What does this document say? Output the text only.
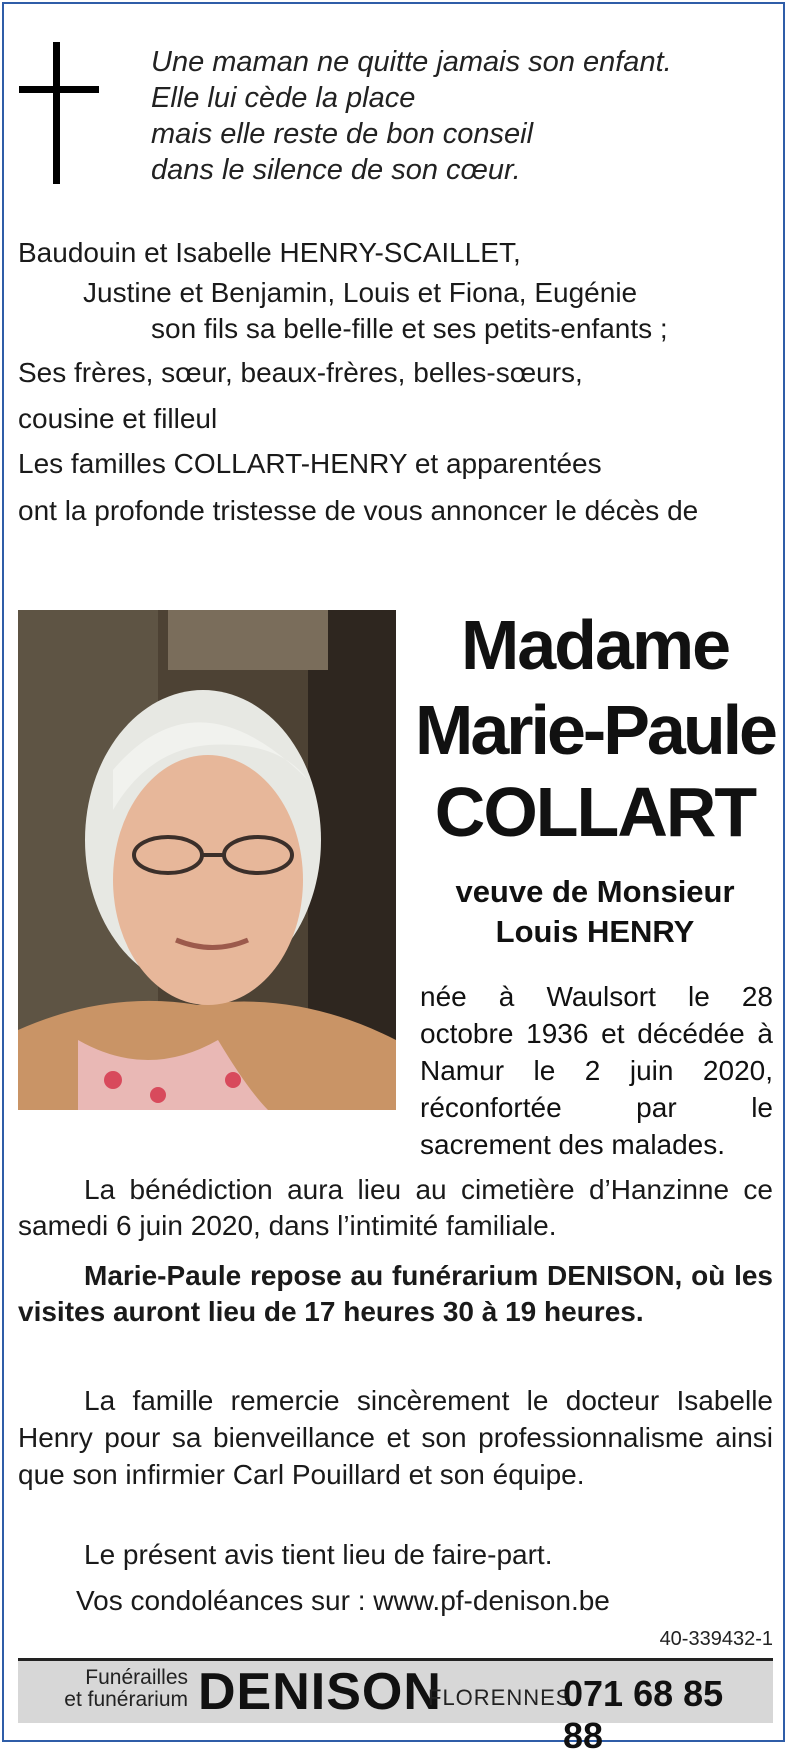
Une maman ne quitte jamais son enfant.
Elle lui cède la place
mais elle reste de bon conseil
dans le silence de son cœur.
Baudouin et Isabelle HENRY-SCAILLET,
Justine et Benjamin, Louis et Fiona, Eugénie
son fils sa belle-fille et ses petits-enfants ;
Ses frères, sœur, beaux-frères, belles-sœurs,
cousine et filleul
Les familles COLLART-HENRY et apparentées
ont la profonde tristesse de vous annoncer le décès de
Madame
Marie-Paule
COLLART
veuve de Monsieur
Louis HENRY
née à Waulsort le 28 octobre 1936 et décédée à Namur le 2 juin 2020, réconfortée par le sacrement des malades.
La bénédiction aura lieu au cimetière d’Hanzinne ce samedi 6 juin 2020, dans l’intimité familiale.
Marie-Paule repose au funérarium DENISON, où les visites auront lieu de 17 heures 30 à 19 heures.
La famille remercie sincèrement le docteur Isabelle Henry pour sa bienveillance et son professionnalisme ainsi que son infirmier Carl Pouillard et son équipe.
Le présent avis tient lieu de faire-part.
Vos condoléances sur : www.pf-denison.be
40-339432-1
Funérailles
et funérarium DENISON
FLORENNES
071 68 85 88
